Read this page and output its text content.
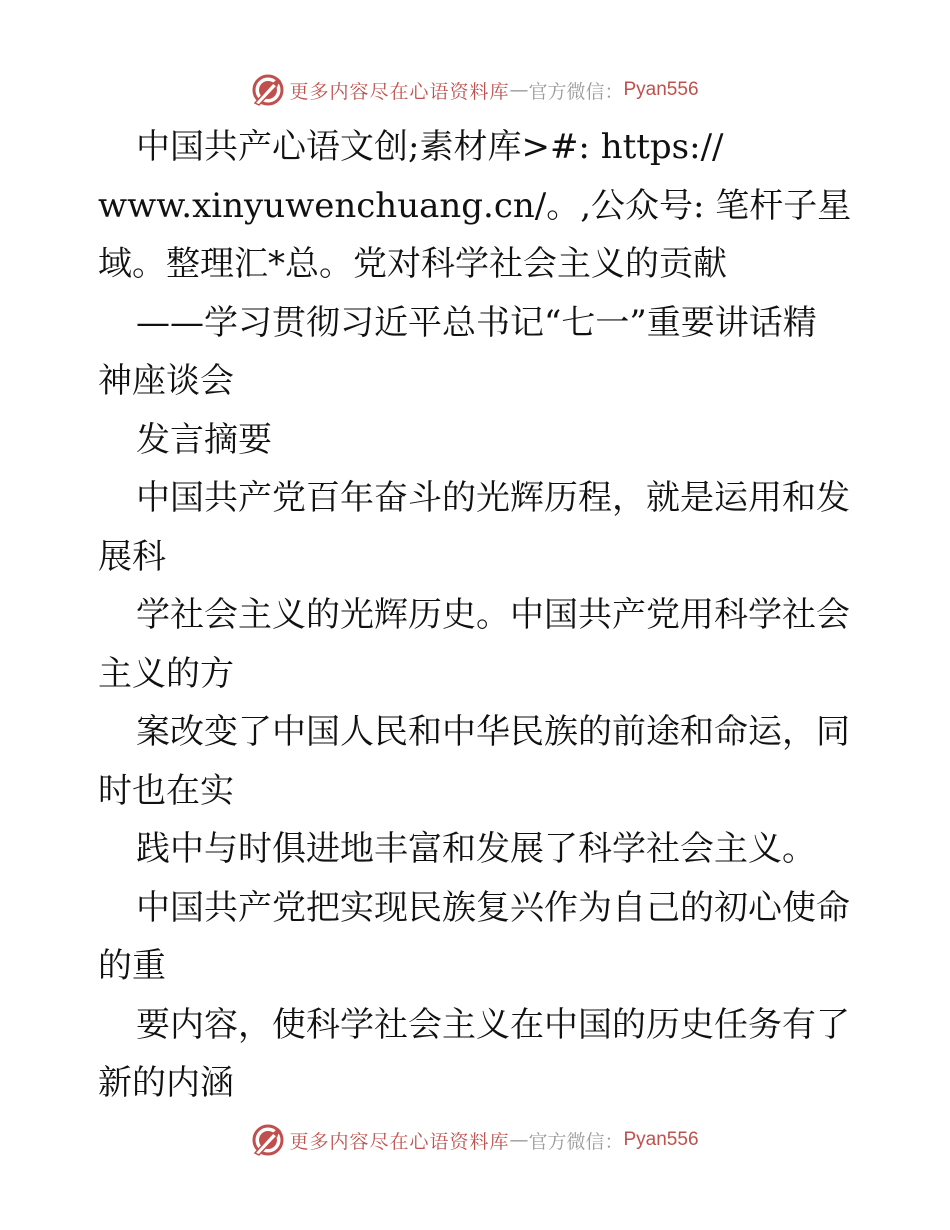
更多内容尽在心语资料库 — 官方微信： Pyan556
中国共产心语文创;素材库>#: https://
www.xinyuwenchuang.cn/。,公众号: 笔杆子星
域。整理汇*总。党对科学社会主义的贡献
——学习贯彻习近平总书记“七一”重要讲话精
神座谈会
发言摘要
中国共产党百年奋斗的光辉历程，就是运用和发
展科
学社会主义的光辉历史。中国共产党用科学社会
主义的方
案改变了中国人民和中华民族的前途和命运，同
时也在实
践中与时俱进地丰富和发展了科学社会主义。
中国共产党把实现民族复兴作为自己的初心使命
的重
要内容，使科学社会主义在中国的历史任务有了
新的内涵
更多内容尽在心语资料库 — 官方微信： Pyan556
